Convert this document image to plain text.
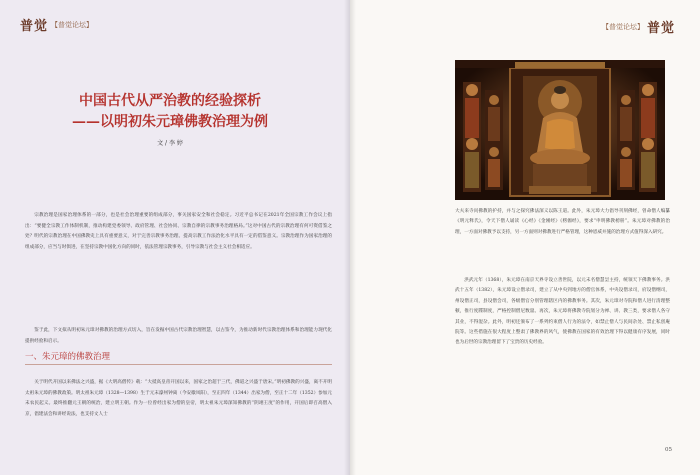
普觉 【普觉论坛】
中国古代从严治教的经验探析
——以明初朱元璋佛教治理为例
文 / 李 婷

宗教治理是国家治理体系的一部分，也是社会治理重要的组成部分，事关国家安全和社会稳定。习近平总书记在2021年全国宗教工作会议上指出：“要健全宗教工作体制机制，推动构建党委领导、政府管理、社会协同、宗教自律的宗教事务治理格局。”这对中国古代的宗教治理有何可资借鉴之处？明代的宗教治理在中国佛教史上具有重要意义，对于完善宗教事务治理、提高宗教工作法治化水平具有一定的借鉴意义。宗教治理作为国家治理的组成部分，应当与时俱进，在坚持宗教中国化方向的同时，依法管理宗教事务，引导宗教与社会主义社会相适应。

鉴于此，下文拟从明初朱元璋对佛教的治理方式切入，旨在发掘中国古代宗教治理智慧，以古鉴今，为推动新时代宗教治理体系和治理能力现代化提供经验和启示。

一、朱元璋的佛教治理

关于明代开国以来佛法之兴盛，据《大明高僧传》载：“大抵高皇帝开国以来，国家之治超于三代，佛道之兴盛于唐宋。”明初佛教的兴盛，离不开明太祖朱元璋的佛教政策。明太祖朱元璋（1328—1398）生于元末濠州钟离（今安徽凤阳），至正四年（1344）出家为僧，至正十二年（1352）参加元末农民起义。最终推翻元王朝的统治，建立明王朝。作为一位曾经出家为僧的皇帝，明太祖朱元璋深知佛教的“阴翊王度”的作用，开国后即召高僧入京，倡建法会和讲经说法，也支持文人士

【普觉论坛】 普觉

大夫来寺问佛教的护持，并与之探究佛法深义以陈王道。此外，朱元璋大力倡导刊刻佛经，曾命僧人编纂《明元释氏》，令天下僧人诵读《心经》《金刚经》《楞伽经》，要求“申明佛教榜册”。朱元璋对佛教的治理，一方面对佛教予以支持，另一方面则对佛教进行严格管理，这种恩威并施的治理方式值得深入研究。

洪武元年（1368），朱元璋在南京天界寺设立善世院，以元末名僧慧昙主持，统领天下佛教事务。洪武十五年（1382），朱元璋设立僧录司，建立了从中央到地方的僧官体系，中央设僧录司，府设僧纲司，州设僧正司，县设僧会司，各级僧官分别管理辖区内的佛教事务。其次，朱元璋对寺院和僧人进行清理整顿，推行度牒制度，严格控制僧尼数量。再次，朱元璋将佛教寺院划分为禅、讲、教三类，要求僧人各守其业，不得混杂。此外，明初还颁布了一系列约束僧人行为的法令，如禁止僧人与民间杂处、禁止私创庵院等。这些措施在很大程度上整肃了佛教界的风气，使佛教在国家的有效治理下得以健康有序发展，同时也为后世的宗教治理留下了宝贵的历史经验。

05
